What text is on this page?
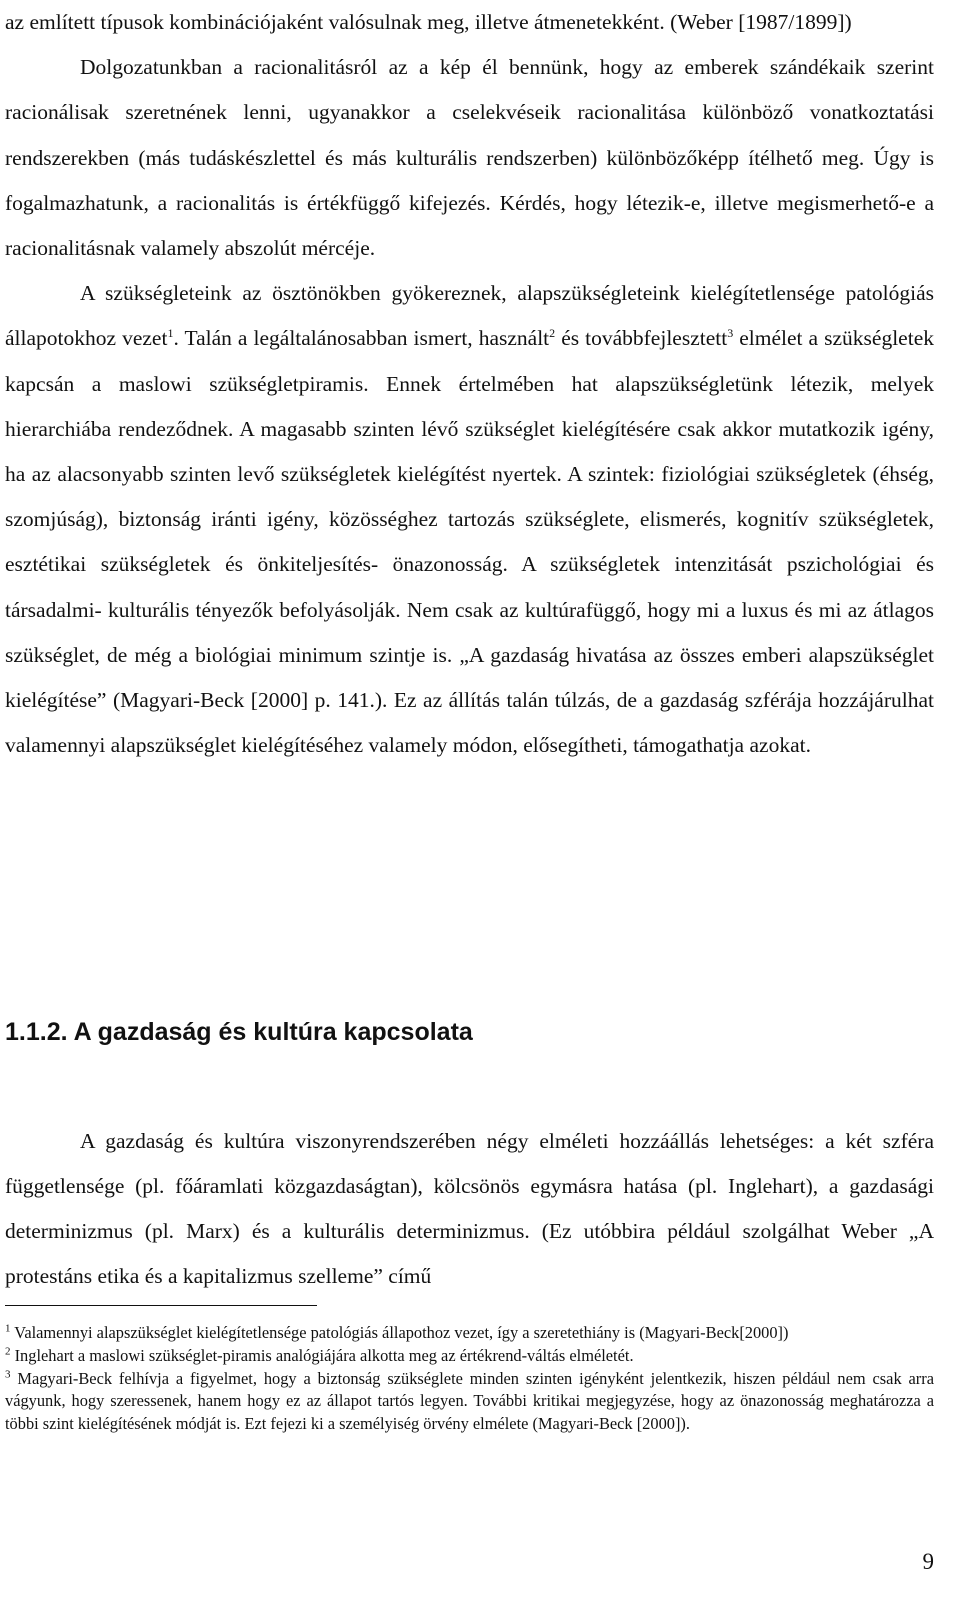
az említett típusok kombinációjaként valósulnak meg, illetve átmenetekként. (Weber [1987/1899])

Dolgozatunkban a racionalitásról az a kép él bennünk, hogy az emberek szándékaik szerint racionálisak szeretnének lenni, ugyanakkor a cselekvéseik racionalitása különböző vonatkoztatási rendszerekben (más tudáskészlettel és más kulturális rendszerben) különbözőképp ítélhető meg. Úgy is fogalmazhatunk, a racionalitás is értékfüggő kifejezés. Kérdés, hogy létezik-e, illetve megismerhető-e a racionalitásnak valamely abszolút mércéje.

A szükségleteink az ösztönökben gyökereznek, alapszükségleteink kielégítetlensége patológiás állapotokhoz vezet$^1$. Talán a legáltalánosabban ismert, használt$^2$ és továbbfejlesztett$^3$ elmélet a szükségletek kapcsán a maslowi szükségletpiramis. Ennek értelmében hat alapszükségletünk létezik, melyek hierarchiába rendeződnek. A magasabb szinten lévő szükséglet kielégítésére csak akkor mutatkozik igény, ha az alacsonyabb szinten levő szükségletek kielégítést nyertek. A szintek: fiziológiai szükségletek (éhség, szomjúság), biztonság iránti igény, közösséghez tartozás szükséglete, elismerés, kognitív szükségletek, esztétikai szükségletek és önkiteljesítés- önazonosság. A szükségletek intenzitását pszichológiai és társadalmi- kulturális tényezők befolyásolják. Nem csak az kultúrafüggő, hogy mi a luxus és mi az átlagos szükséglet, de még a biológiai minimum szintje is. „A gazdaság hivatása az összes emberi alapszükséglet kielégítése” (Magyari-Beck [2000] p. 141.). Ez az állítás talán túlzás, de a gazdaság szférája hozzájárulhat valamennyi alapszükséglet kielégítéséhez valamely módon, elősegítheti, támogathatja azokat.

1.1.2. A gazdaság és kultúra kapcsolata

A gazdaság és kultúra viszonyrendszerében négy elméleti hozzáállás lehetséges: a két szféra függetlensége (pl. főáramlati közgazdaságtan), kölcsönös egymásra hatása (pl. Inglehart), a gazdasági determinizmus (pl. Marx) és a kulturális determinizmus. (Ez utóbbira például szolgálhat Weber „A protestáns etika és a kapitalizmus szelleme” című

$^1$ Valamennyi alapszükséglet kielégítetlensége patológiás állapothoz vezet, így a szeretethiány is (Magyari-Beck[2000])

$^2$ Inglehart a maslowi szükséglet-piramis analógiájára alkotta meg az értékrend-váltás elméletét.

$^3$ Magyari-Beck felhívja a figyelmet, hogy a biztonság szükséglete minden szinten igényként jelentkezik, hiszen például nem csak arra vágyunk, hogy szeressenek, hanem hogy ez az állapot tartós legyen. További kritikai megjegyzése, hogy az önazonosság meghatározza a többi szint kielégítésének módját is. Ezt fejezi ki a személyiség örvény elmélete (Magyari-Beck [2000]).

9
